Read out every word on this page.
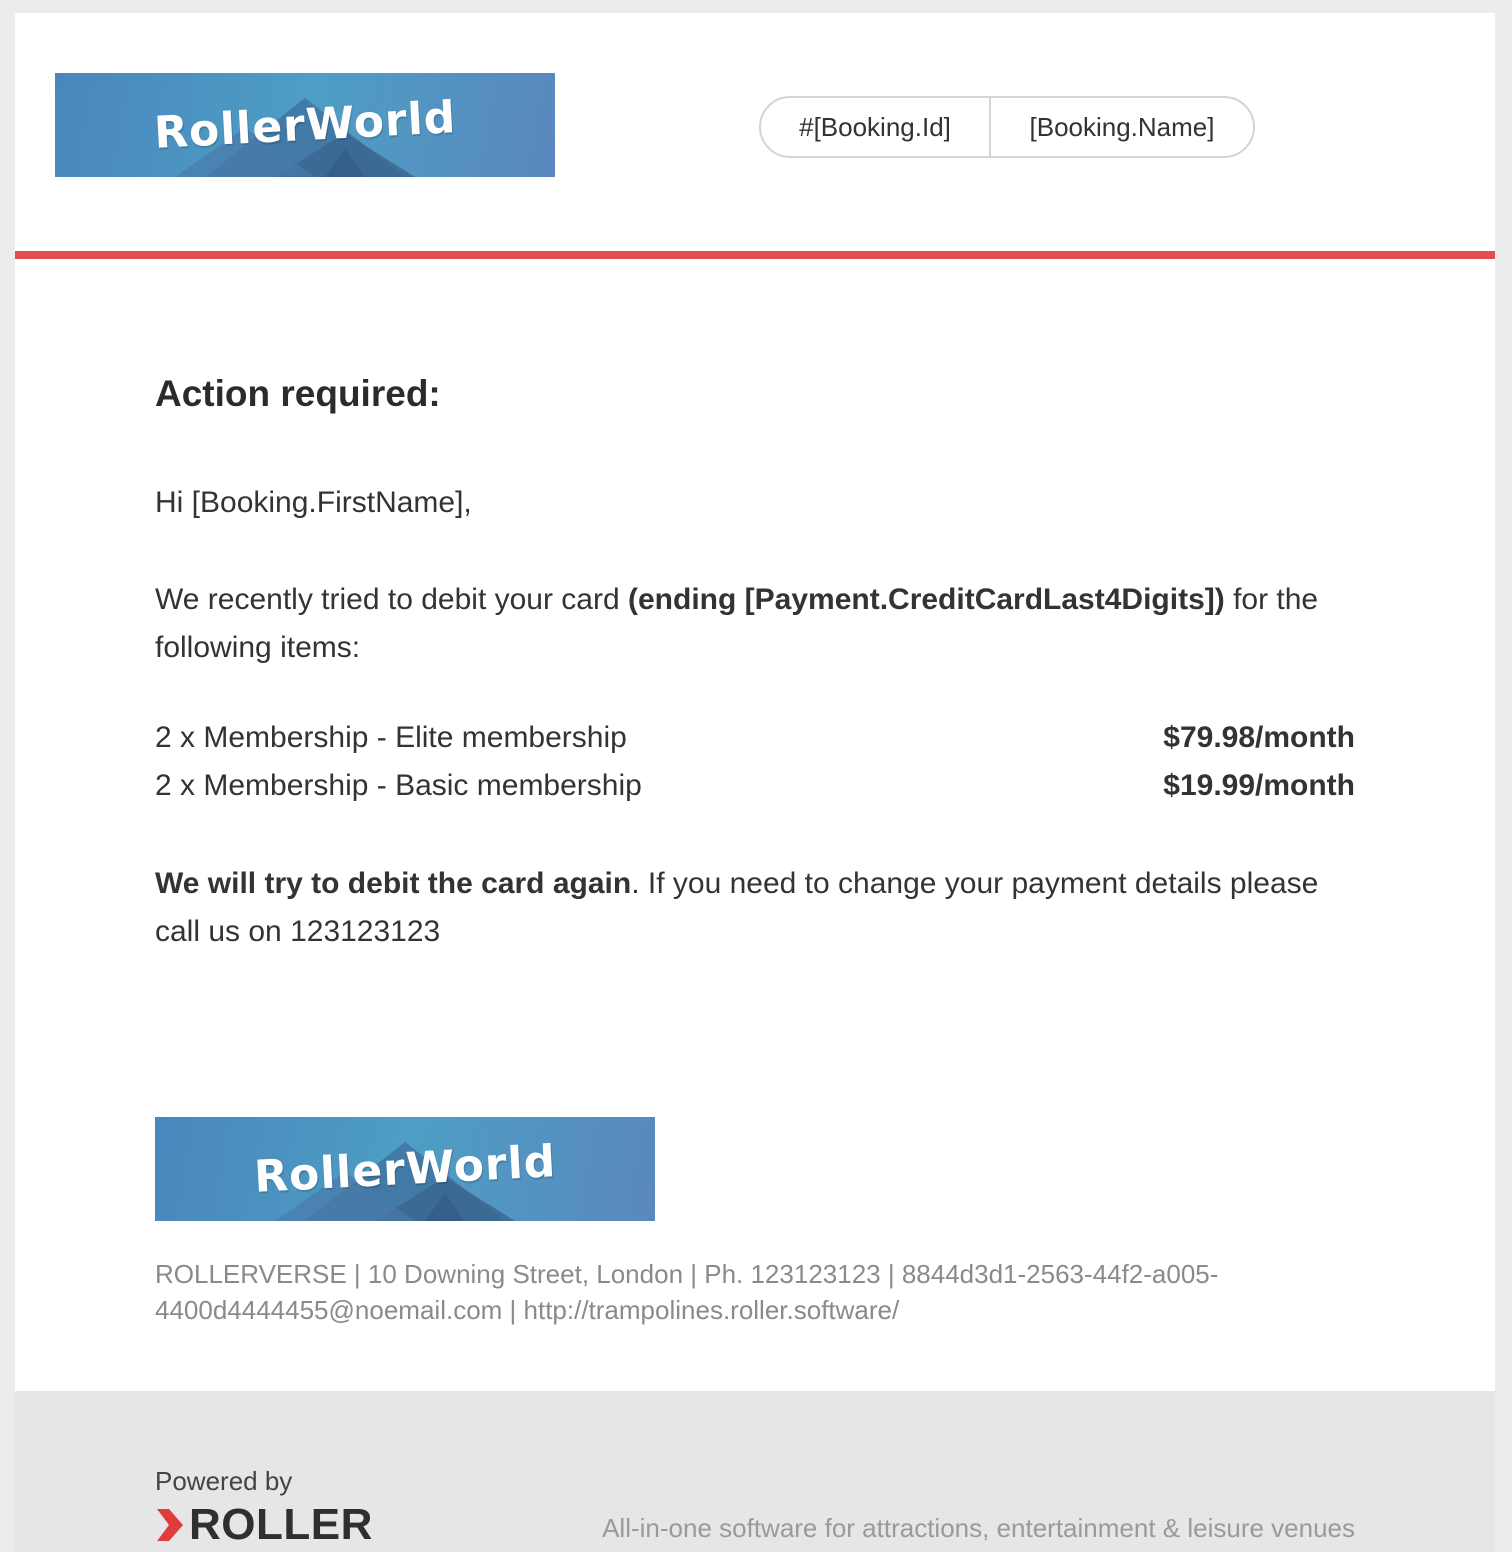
RollerWorld	#[Booking.Id]	[Booking.Name]
Action required:
Hi [Booking.FirstName],
We recently tried to debit your card (ending [Payment.CreditCardLast4Digits]) for the following items:
2 x Membership - Elite membership	$79.98/month
2 x Membership - Basic membership	$19.99/month
We will try to debit the card again. If you need to change your payment details please call us on 123123123
RollerWorld
ROLLERVERSE | 10 Downing Street, London | Ph. 123123123 | 8844d3d1-2563-44f2-a005-4400d4444455@noemail.com | http://trampolines.roller.software/
Powered by
ROLLER	All-in-one software for attractions, entertainment & leisure venues
